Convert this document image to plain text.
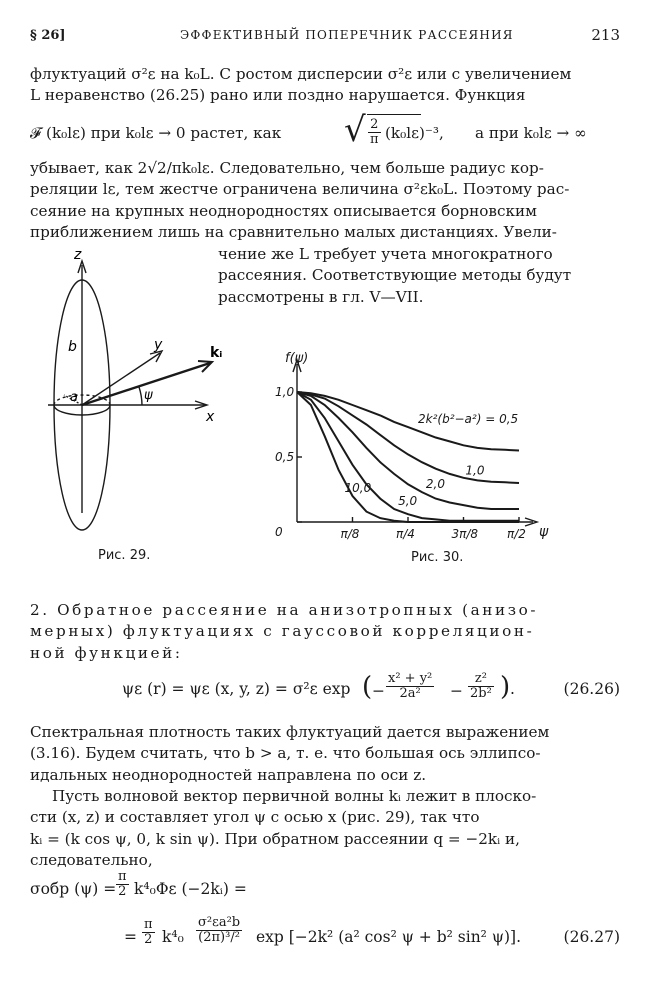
§ 26]	ЭФФЕКТИВНЫЙ ПОПЕРЕЧНИК РАССЕЯНИЯ	213
флуктуаций σ²ε на k₀L. С ростом дисперсии σ²ε или с увеличением
L неравенство (26.25) рано или поздно нарушается. Функция
𝓕 (k₀lε) при k₀lε → 0 растет, как √ $\frac{2}{\pi} (k_0l\varepsilon)^{-3}$, а при k₀lε → ∞
убывает, как 2√2/πk₀lε. Следовательно, чем больше радиус кор-
реляции lε, тем жестче ограничена величина σ²εk₀L. Поэтому рас-
сеяние на крупных неоднородностях описывается борновским
приближением лишь на сравнительно малых дистанциях. Увели-
чение же L требует учета многократного
рассеяния. Соответствующие методы будут
рассмотрены в гл. V—VII.
z
b	y	kᵢ
ψ
a
x
Рис. 29.
0
0,5
1,0
π/8	π/4	3π/8 π/2
f(ψ)
ψ
2k²(b²−a²) = 0,5
1,0
2,0
5,0
10,0
Рис. 30.
2. Обратное рассеяние на анизотропных (анизо-
мерных) флуктуациях с гауссовой корреляцион-
ной функцией:
ψε (r) = ψε (x, y, z) = σ²ε exp ( − $\frac{\text{x² + y²}}{\text{2a²}} - \frac{\text{z²}}{\text{2b²}}$ ) .	(26.26)
Спектральная плотность таких флуктуаций дается выражением
(3.16). Будем считать, что b > a, т. е. что большая ось эллипсо-
идальных неоднородностей направлена по оси z.
Пусть волновой вектор первичной волны kᵢ лежит в плоско-
сти (x, z) и составляет угол ψ с осью x (рис. 29), так что
kᵢ = (k cos ψ, 0, k sin ψ). При обратном рассеянии q = −2kᵢ и,
следовательно,
σобр $(\psi) = \frac{\pi}{2} k^4_0\Phi\varepsilon$ (−2kᵢ) =
= $\frac{\pi}{2} k^4_0 \frac{\text{σ²εa²b}}{\text{(2π)³/²}}$ exp [−2k² (a² cos² ψ + b² sin² ψ)].	(26.27)
